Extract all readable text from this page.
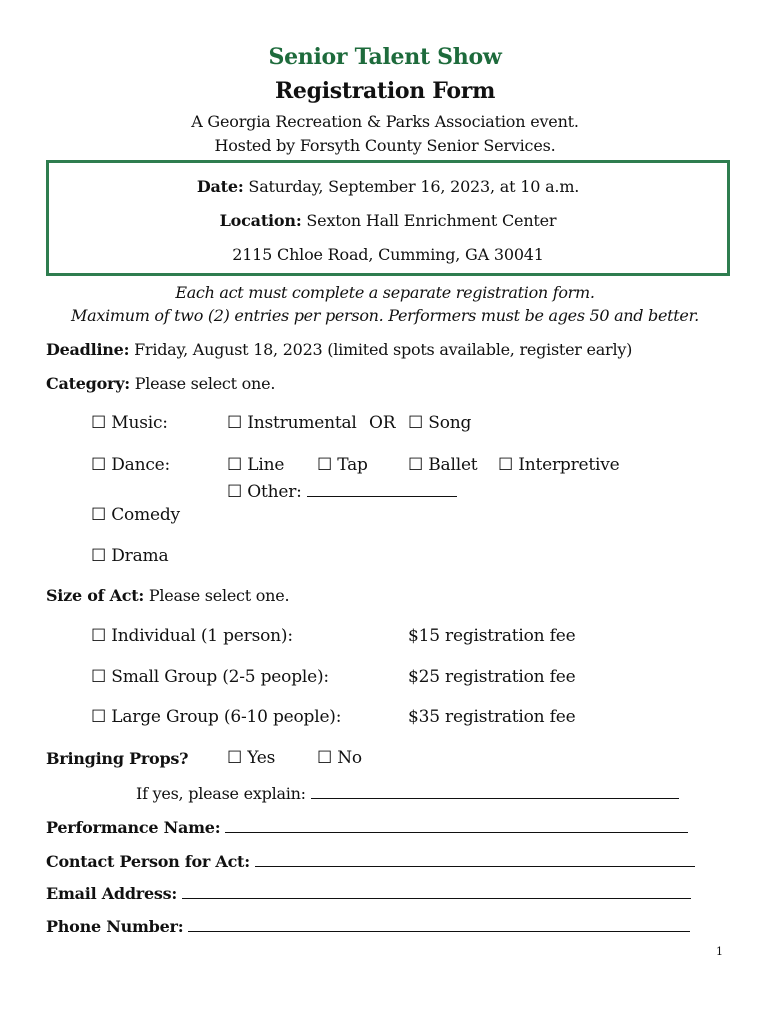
Senior Talent Show
Registration Form
A Georgia Recreation & Parks Association event.
Hosted by Forsyth County Senior Services.
Date: Saturday, September 16, 2023, at 10 a.m.
Location: Sexton Hall Enrichment Center
2115 Chloe Road, Cumming, GA 30041
Each act must complete a separate registration form.
Maximum of two (2) entries per person. Performers must be ages 50 and better.
Deadline: Friday, August 18, 2023 (limited spots available, register early)
Category: Please select one.
☐ Music:	☐ Instrumental OR ☐ Song
☐ Dance:	☐ Line ☐ Tap ☐ Ballet ☐ Interpretive
☐ Other:
☐ Comedy
☐ Drama
Size of Act: Please select one.
☐ Individual (1 person):	$15 registration fee
☐ Small Group (2-5 people):	$25 registration fee
☐ Large Group (6-10 people):	$35 registration fee
Bringing Props? ☐ Yes ☐ No
If yes, please explain:
Performance Name:
Contact Person for Act:
Email Address:
Phone Number:
1
